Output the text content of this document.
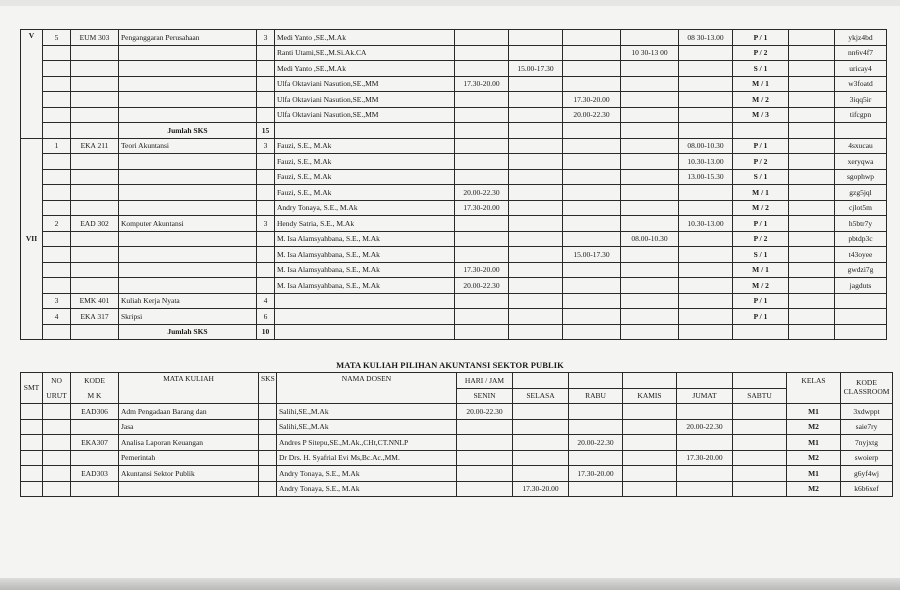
V	5	EUM 303	Penganggaran Perusahaan	3	Medi Yanto ,SE.,M.Ak					08 30-13.00	P / 1		ykjz4bd
					Ranti Utami,SE.,M.Si.Ak.CA				10 30-13 00		P / 2		nn6v4f7
					Medi Yanto ,SE.,M.Ak		15.00-17.30				S / 1		uricay4
					Ulfa Oktaviani Nasution,SE.,MM	17.30-20.00					M / 1		w3foatd
					Ulfa Oktaviani Nasution,SE.,MM			17.30-20.00			M / 2		3iqq5ir
					Ulfa Oktaviani Nasution,SE.,MM			20.00-22.30			M / 3		tifcgpn
			Jumlah SKS	15									
VII	1	EKA 211	Teori Akuntansi	3	Fauzi, S.E., M.Ak					08.00-10.30	P / 1		4sxucau
					Fauzi, S.E., M.Ak					10.30-13.00	P / 2		xeryqwa
					Fauzi, S.E., M.Ak					13.00-15.30	S / 1		sgophwp
					Fauzi, S.E., M.Ak	20.00-22.30					M / 1		gzg5jql
					Andry Tonaya, S.E., M.Ak	17.30-20.00					M / 2		cjlot5m
	2	EAD 302	Komputer Akuntansi	3	Hendy Satria, S.E., M.Ak					10.30-13.00	P / 1		h5btr7y
					M. Isa Alamsyahbana, S.E., M.Ak				08.00-10.30		P / 2		pbtdp3c
					M. Isa Alamsyahbana, S.E., M.Ak			15.00-17.30			S / 1		t43oyee
					M. Isa Alamsyahbana, S.E., M.Ak	17.30-20.00					M / 1		gwdzi7g
					M. Isa Alamsyahbana, S.E., M.Ak	20.00-22.30					M / 2		jagduts
	3	EMK 401	Kuliah Kerja Nyata	4							P / 1		
	4	EKA 317	Skripsi	6							P / 1		
			Jumlah SKS	10									
MATA KULIAH PILIHAN AKUNTANSI SEKTOR PUBLIK
SMT	NO	KODE	MATA KULIAH	SKS	NAMA DOSEN	HARI / JAM						KELAS	KODE
CLASSROOM
	URUT	M K				SENIN	SELASA	RABU	KAMIS	JUMAT	SABTU		
		EAD306	Adm Pengadaan Barang dan		Salihi,SE.,M.Ak	20.00-22.30						M1	3xdwppt
			Jasa		Salihi,SE.,M.Ak					20.00-22.30		M2	saie7ry
		EKA307	Analisa Laporan Keuangan		Andres P Sitepu,SE.,M.Ak.,CHt,CT.NNLP			20.00-22.30				M1	7nyjxtg
			Pemerintah		Dr Drs. H. Syafrial Evi Ms,Bc.Ac.,MM.					17.30-20.00		M2	swoierp
		EAD303	Akuntansi Sektor Publik		Andry Tonaya, S.E., M.Ak			17.30-20.00				M1	g6yf4wj
					Andry Tonaya, S.E., M.Ak		17.30-20.00					M2	k6b6xef
